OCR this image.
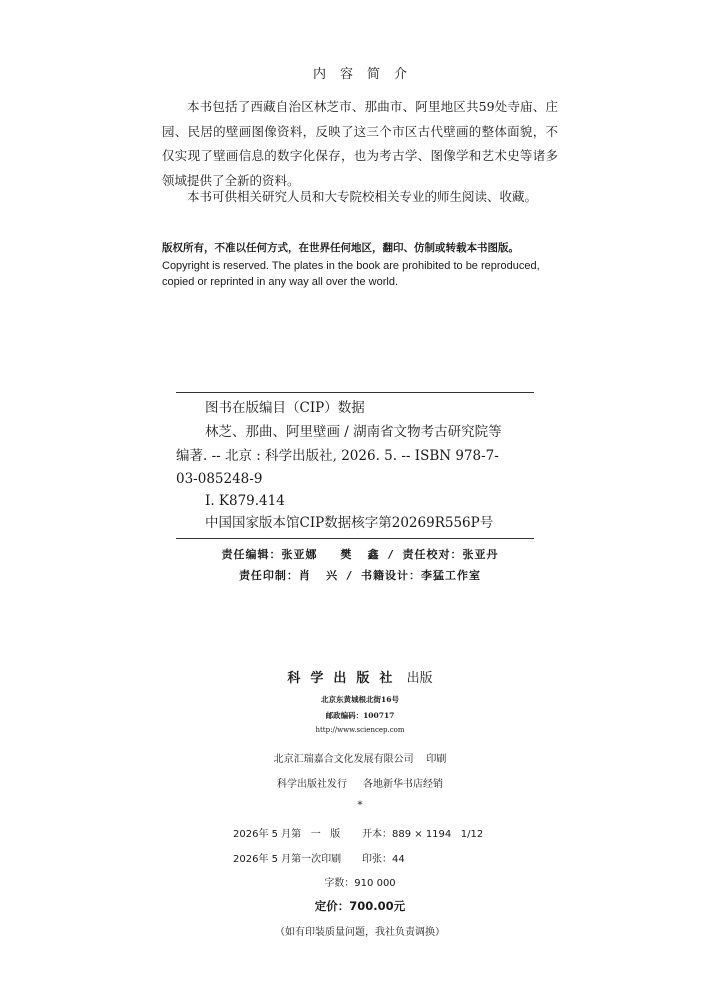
内容简介
本书包括了西藏自治区林芝市、那曲市、阿里地区共59处寺庙、庄园、民居的壁画图像资料，反映了这三个市区古代壁画的整体面貌，不仅实现了壁画信息的数字化保存，也为考古学、图像学和艺术史等诸多领域提供了全新的资料。
本书可供相关研究人员和大专院校相关专业的师生阅读、收藏。
版权所有，不准以任何方式，在世界任何地区，翻印、仿制或转载本书图版。
Copyright is reserved. The plates in the book are prohibited to be reproduced,
copied or reprinted in any way all over the world.
图书在版编目（CIP）数据
林芝、那曲、阿里壁画 / 湖南省文物考古研究院等
编著. -- 北京 : 科学出版社, 2026. 5. -- ISBN 978-7-
03-085248-9
Ⅰ. K879.414
中国国家版本馆CIP数据核字第20269R556P号
责任编辑：张亚娜   樊  鑫 / 责任校对：张亚丹
责任印制：肖  兴 / 书籍设计：李猛工作室
科学出版社 出版
北京东黄城根北街16号
邮政编码：100717
http://www.sciencep.com
北京汇瑞嘉合文化发展有限公司    印刷
科学出版社发行     各地新华书店经销
*
2026年 5 月第   一   版 开本：889 × 1194   1/12
2026年 5 月第一次印刷 印张：44
字数：910 000
定价：700.00元
（如有印装质量问题，我社负责调换）
